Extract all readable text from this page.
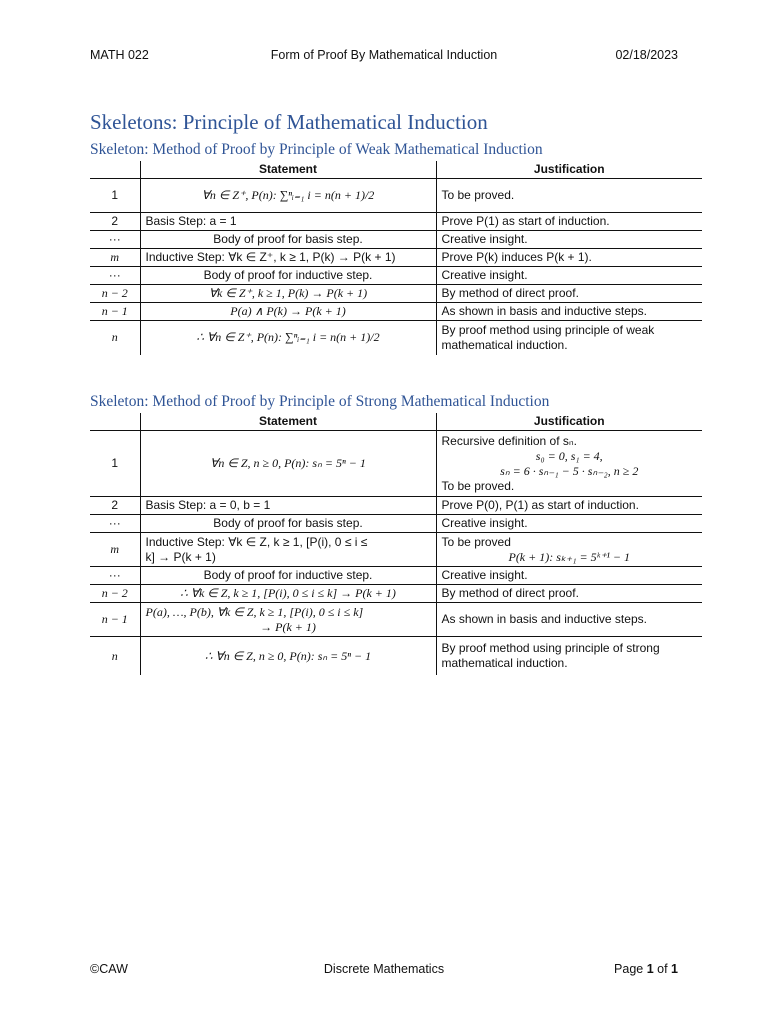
MATH 022	Form of Proof By Mathematical Induction	02/18/2023
Skeletons: Principle of Mathematical Induction
Skeleton: Method of Proof by Principle of Weak Mathematical Induction
	Statement	Justification
1	∀n ∈ Z⁺, P(n): ∑ⁿᵢ₌₁ i = n(n + 1)/2	To be proved.
2	Basis Step: a = 1	Prove P(1) as start of induction.
···	Body of proof for basis step.	Creative insight.
m	Inductive Step: ∀k ∈ Z⁺, k ≥ 1, P(k) → P(k + 1)	Prove P(k) induces P(k + 1).
···	Body of proof for inductive step.	Creative insight.
n − 2	∀k ∈ Z⁺, k ≥ 1, P(k) → P(k + 1)	By method of direct proof.
n − 1	P(a) ∧ P(k) → P(k + 1)	As shown in basis and inductive steps.
n	∴ ∀n ∈ Z⁺, P(n): ∑ⁿᵢ₌₁ i = n(n + 1)/2	By proof method using principle of weak mathematical induction.
Skeleton: Method of Proof by Principle of Strong Mathematical Induction
	Statement	Justification
1	∀n ∈ Z, n ≥ 0, P(n): sₙ = 5ⁿ − 1	Recursive definition of sₙ.
s₀ = 0, s₁ = 4,
sₙ = 6 · sₙ₋₁ − 5 · sₙ₋₂, n ≥ 2
To be proved.

2	Basis Step: a = 0, b = 1	Prove P(0), P(1) as start of induction.
···	Body of proof for basis step.	Creative insight.
m	Inductive Step: ∀k ∈ Z, k ≥ 1, [P(i), 0 ≤ i ≤
k] → P(k + 1)	To be proved
P(k + 1): sₖ₊₁ = 5ᵏ⁺¹ − 1

···	Body of proof for inductive step.	Creative insight.
n − 2	∴ ∀k ∈ Z, k ≥ 1, [P(i), 0 ≤ i ≤ k] → P(k + 1)	By method of direct proof.
n − 1	P(a), …, P(b), ∀k ∈ Z, k ≥ 1, [P(i), 0 ≤ i ≤ k]
→ P(k + 1)	As shown in basis and inductive steps.
n	∴ ∀n ∈ Z, n ≥ 0, P(n): sₙ = 5ⁿ − 1	By proof method using principle of strong mathematical induction.
©CAW	Discrete Mathematics	Page 1 of 1
